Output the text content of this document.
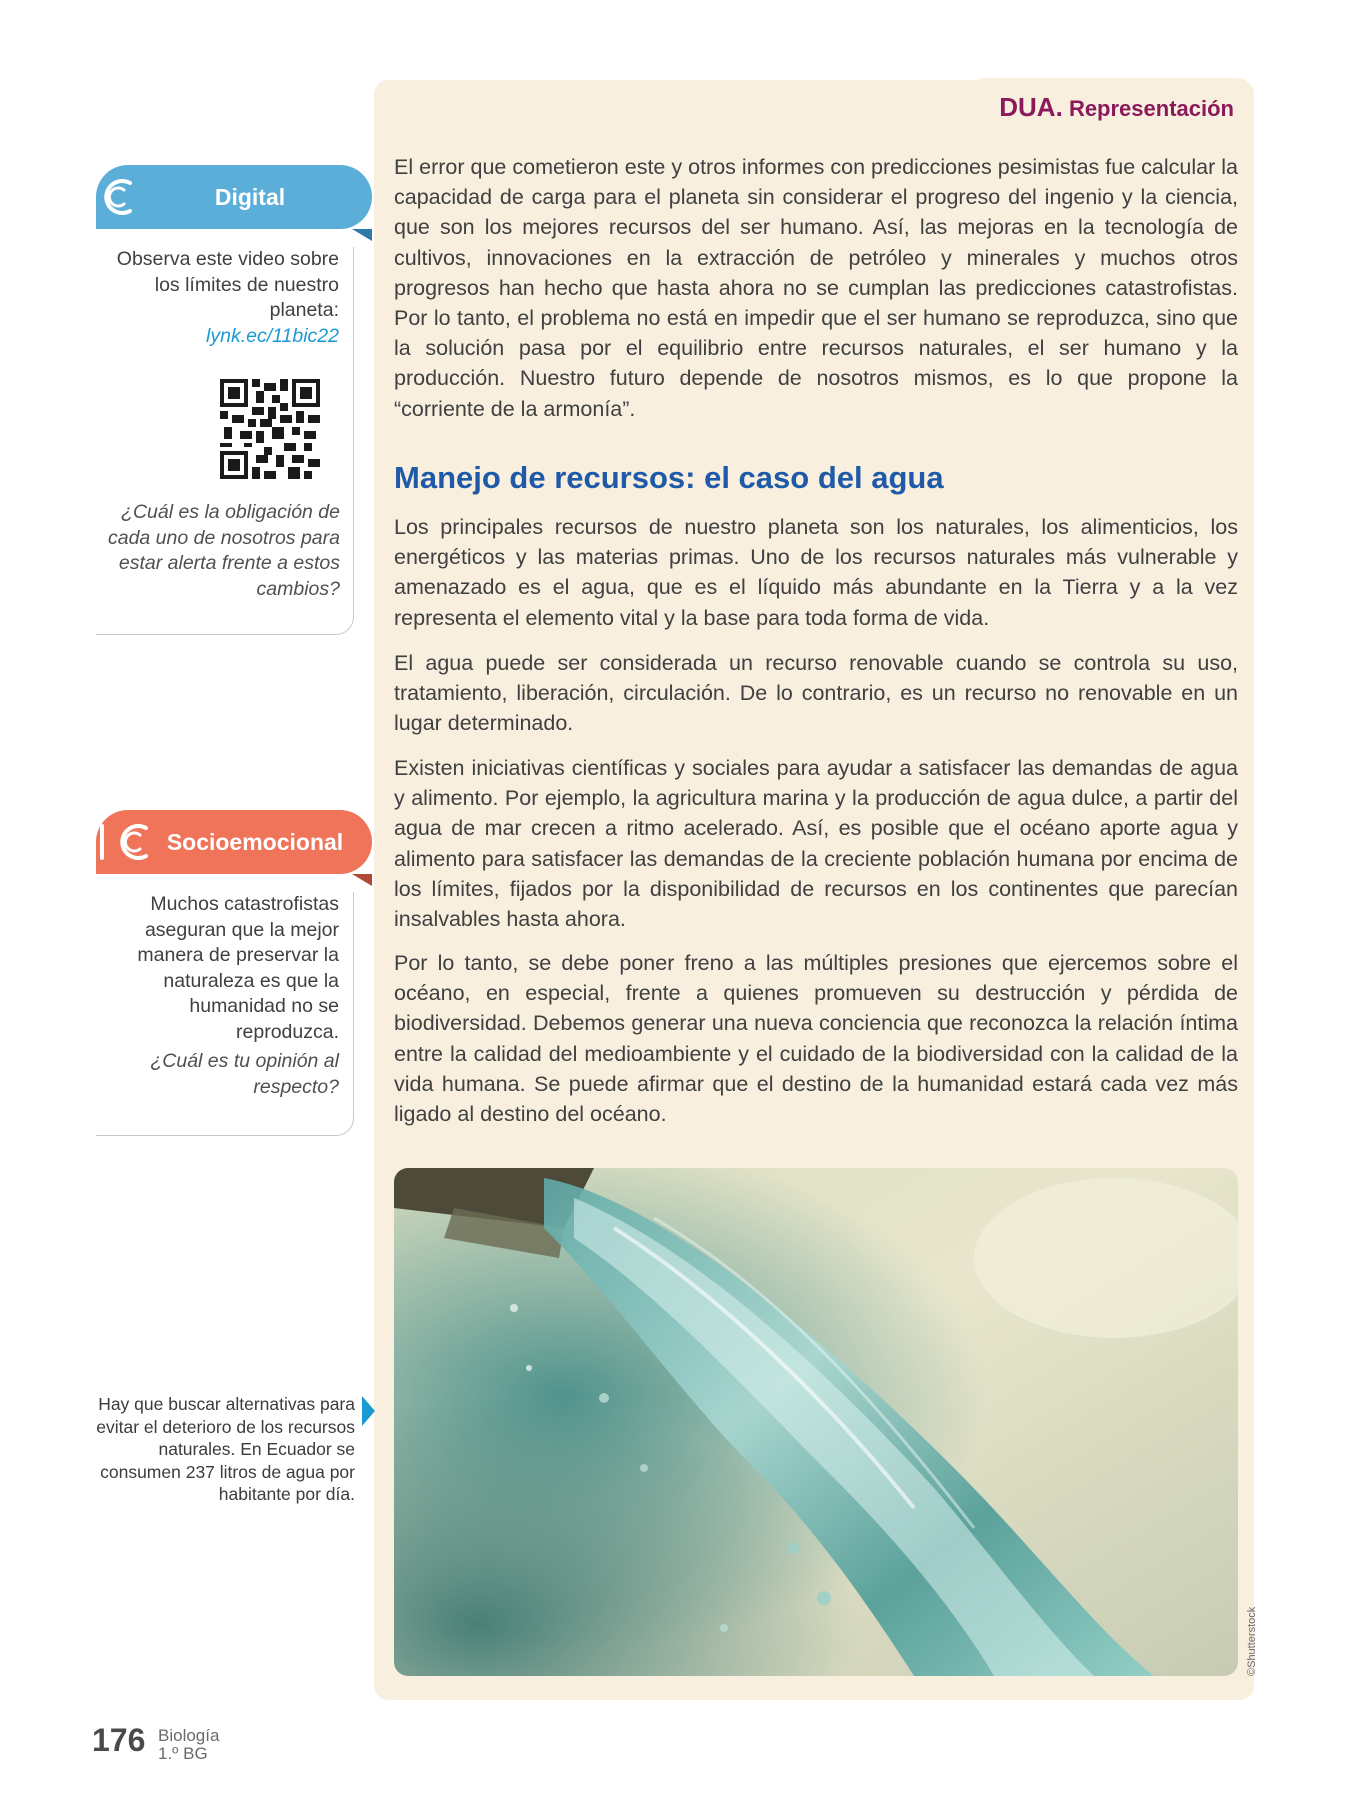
DUA. Representación

El error que cometieron este y otros informes con predicciones pesimistas fue calcular la capacidad de carga para el planeta sin considerar el progreso del ingenio y la ciencia, que son los mejores recursos del ser humano. Así, las mejoras en la tecnología de cultivos, innovaciones en la extracción de petróleo y minerales y muchos otros progresos han hecho que hasta ahora no se cumplan las predicciones catastrofistas. Por lo tanto, el problema no está en impedir que el ser humano se reproduzca, sino que la solución pasa por el equilibrio entre recursos naturales, el ser humano y la producción. Nuestro futuro depende de nosotros mismos, es lo que propone la “corriente de la armonía”.

Manejo de recursos: el caso del agua

Los principales recursos de nuestro planeta son los naturales, los alimenticios, los energéticos y las materias primas. Uno de los recursos naturales más vulnerable y amenazado es el agua, que es el líquido más abundante en la Tierra y a la vez representa el elemento vital y la base para toda forma de vida.

El agua puede ser considerada un recurso renovable cuando se controla su uso, tratamiento, liberación, circulación. De lo contrario, es un recurso no renovable en un lugar determinado.

Existen iniciativas científicas y sociales para ayudar a satisfacer las demandas de agua y alimento. Por ejemplo, la agricultura marina y la producción de agua dulce, a partir del agua de mar crecen a ritmo acelerado. Así, es posible que el océano aporte agua y alimento para satisfacer las demandas de la creciente población humana por encima de los límites, fijados por la disponibilidad de recursos en los continentes que parecían insalvables hasta ahora.

Por lo tanto, se debe poner freno a las múltiples presiones que ejercemos sobre el océano, en especial, frente a quienes promueven su destrucción y pérdida de biodiversidad. Debemos generar una nueva conciencia que reconozca la relación íntima entre la calidad del medioambiente y el cuidado de la biodiversidad con la calidad de la vida humana. Se puede afirmar que el destino de la humanidad estará cada vez más ligado al destino del océano.

©Shutterstock
Digital
Observa este video sobre los límites de nuestro planeta:
lynk.ec/11bic22
¿Cuál es la obligación de cada uno de nosotros para estar alerta frente a estos cambios?
Socioemocional
Muchos catastrofistas aseguran que la mejor manera de preservar la naturaleza es que la humanidad no se reproduzca.
¿Cuál es tu opinión al respecto?
Hay que buscar alternativas para evitar el deterioro de los recursos naturales. En Ecuador se consumen 237 litros de agua por habitante por día.
176 Biología
1.º BG
